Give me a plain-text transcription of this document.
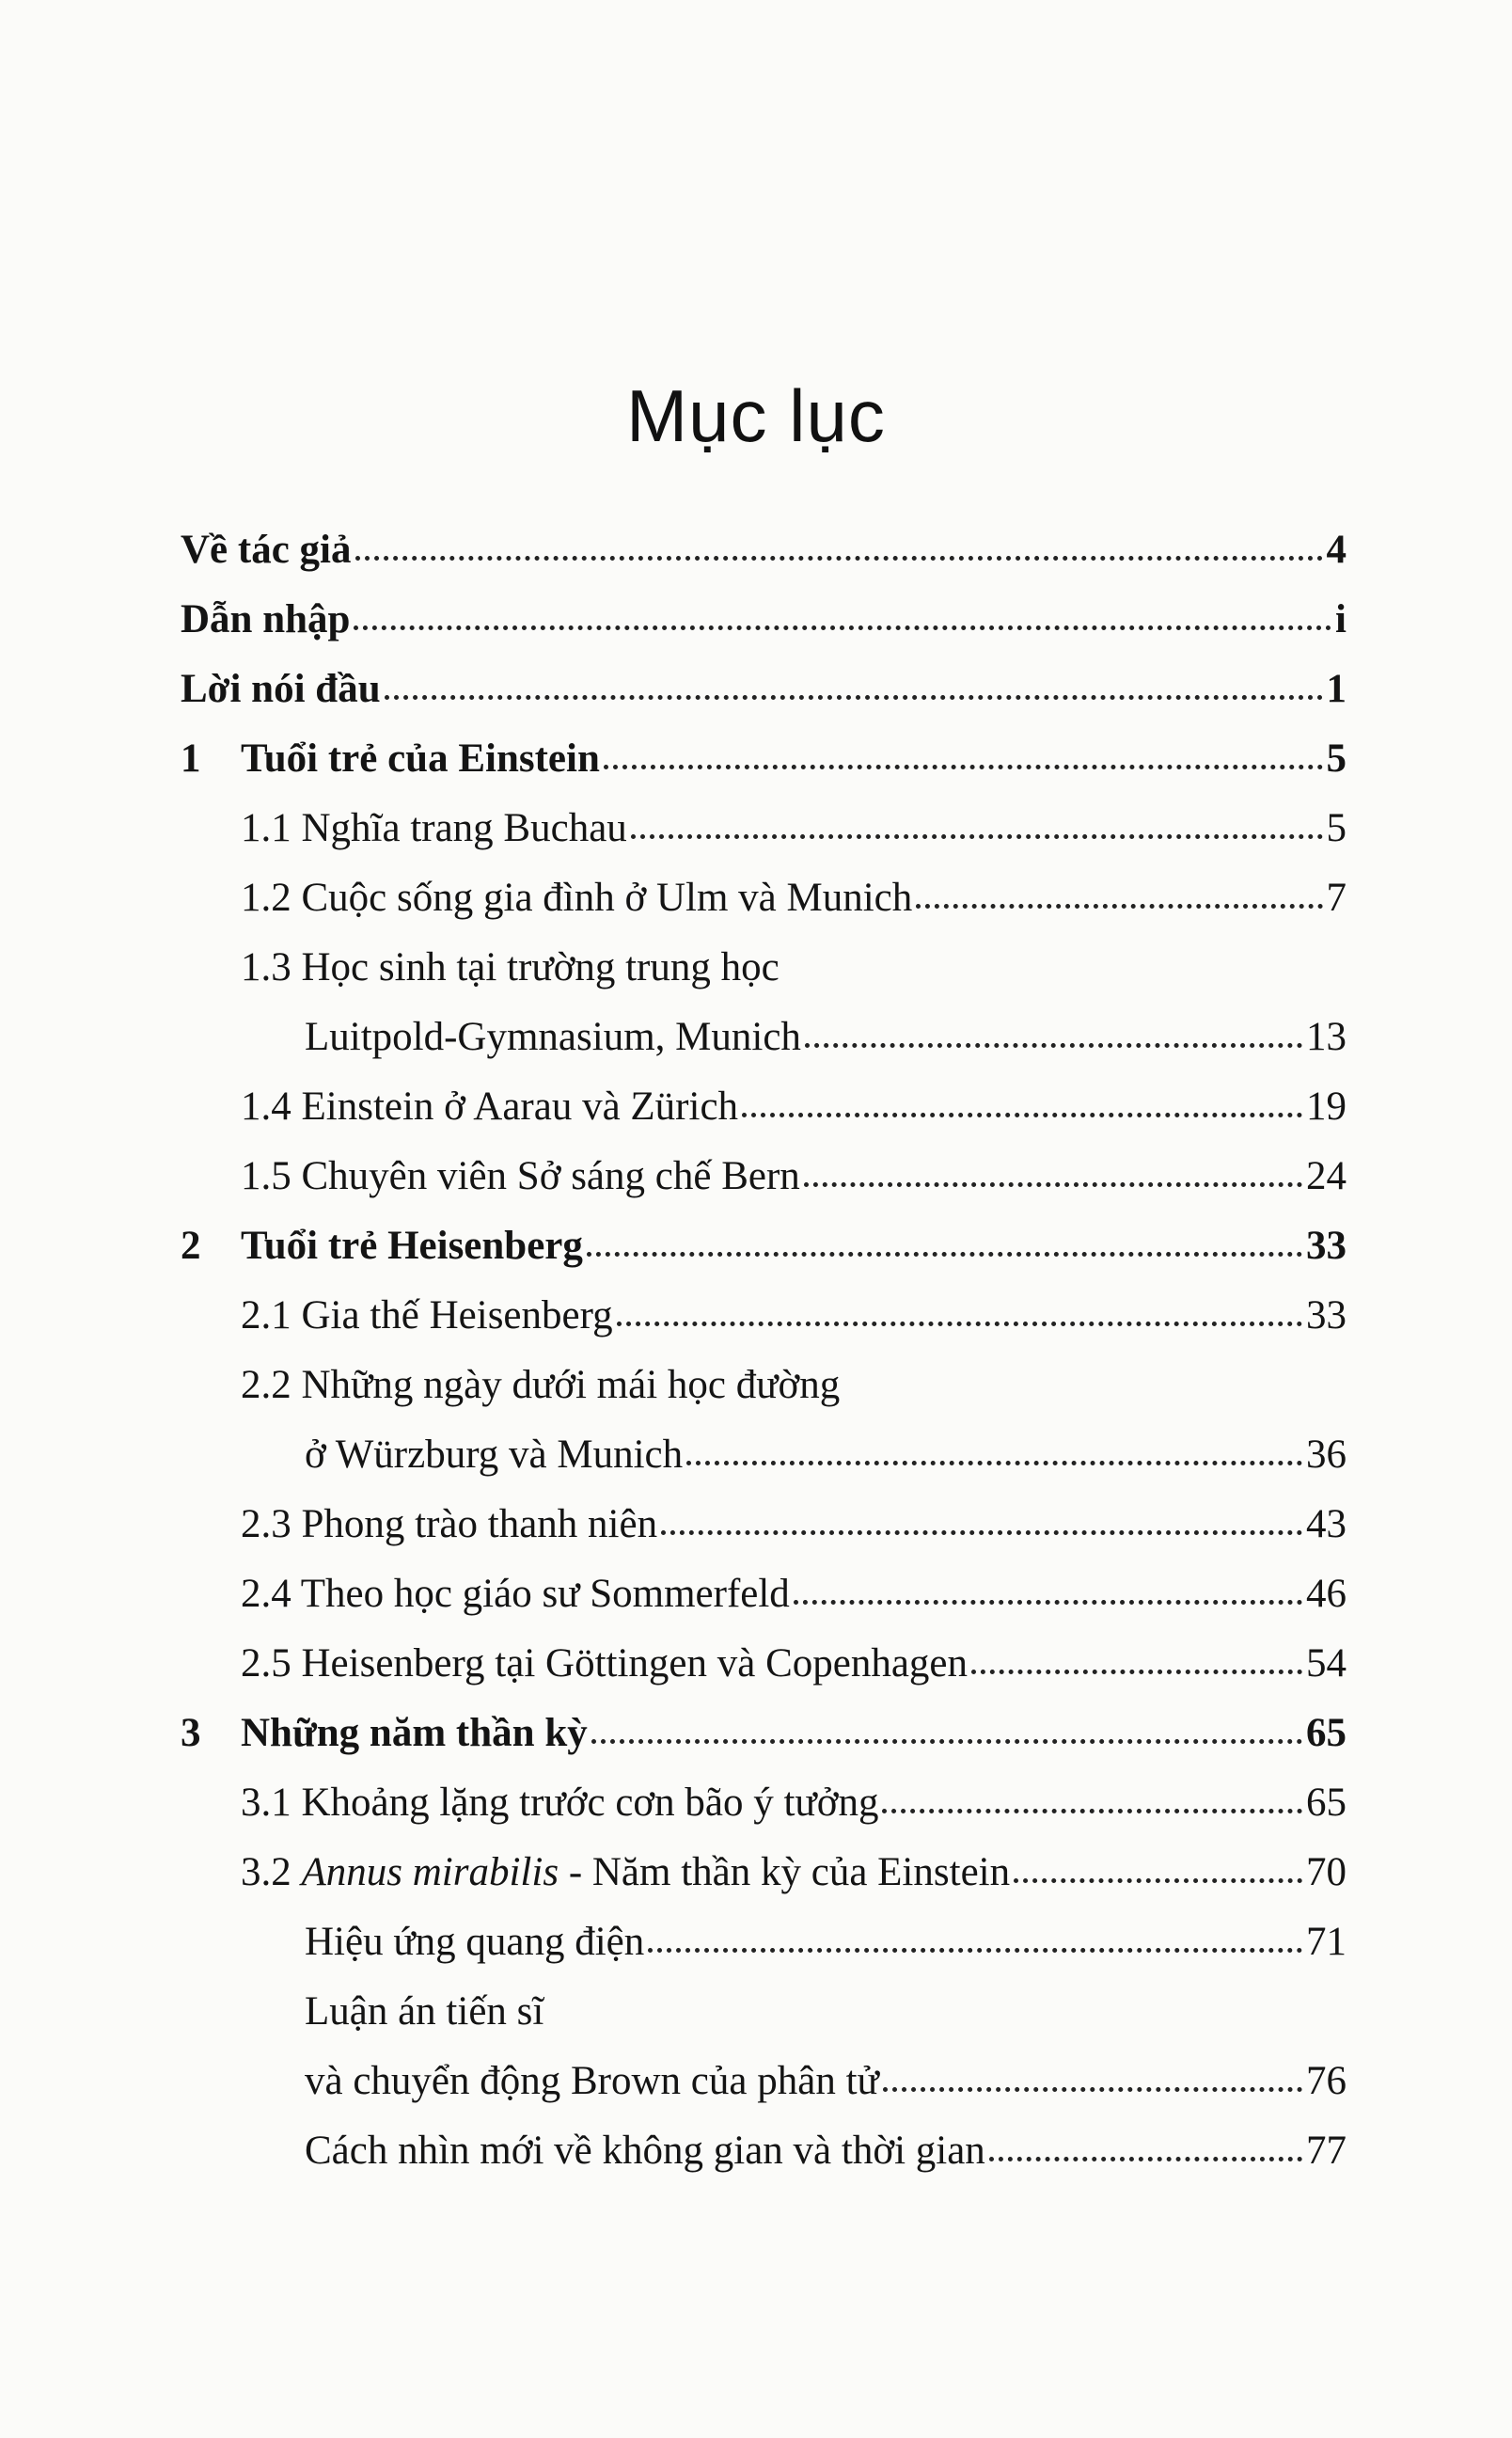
Mục lục
Về tác giả	4
Dẫn nhập	i
Lời nói đầu	1
1 Tuổi trẻ của Einstein	5
1.1 Nghĩa trang Buchau	5
1.2 Cuộc sống gia đình ở Ulm và Munich	7
1.3 Học sinh tại trường trung học
Luitpold-Gymnasium, Munich	13
1.4 Einstein ở Aarau và Zürich	19
1.5 Chuyên viên Sở sáng chế Bern	24
2 Tuổi trẻ Heisenberg	33
2.1 Gia thế Heisenberg	33
2.2 Những ngày dưới mái học đường
ở Würzburg và Munich	36
2.3 Phong trào thanh niên	43
2.4 Theo học giáo sư Sommerfeld	46
2.5 Heisenberg tại Göttingen và Copenhagen	54
3 Những năm thần kỳ	65
3.1 Khoảng lặng trước cơn bão ý tưởng	65
3.2 Annus mirabilis - Năm thần kỳ của Einstein	70
Hiệu ứng quang điện	71
Luận án tiến sĩ
và chuyển động Brown của phân tử	76
Cách nhìn mới về không gian và thời gian	77
